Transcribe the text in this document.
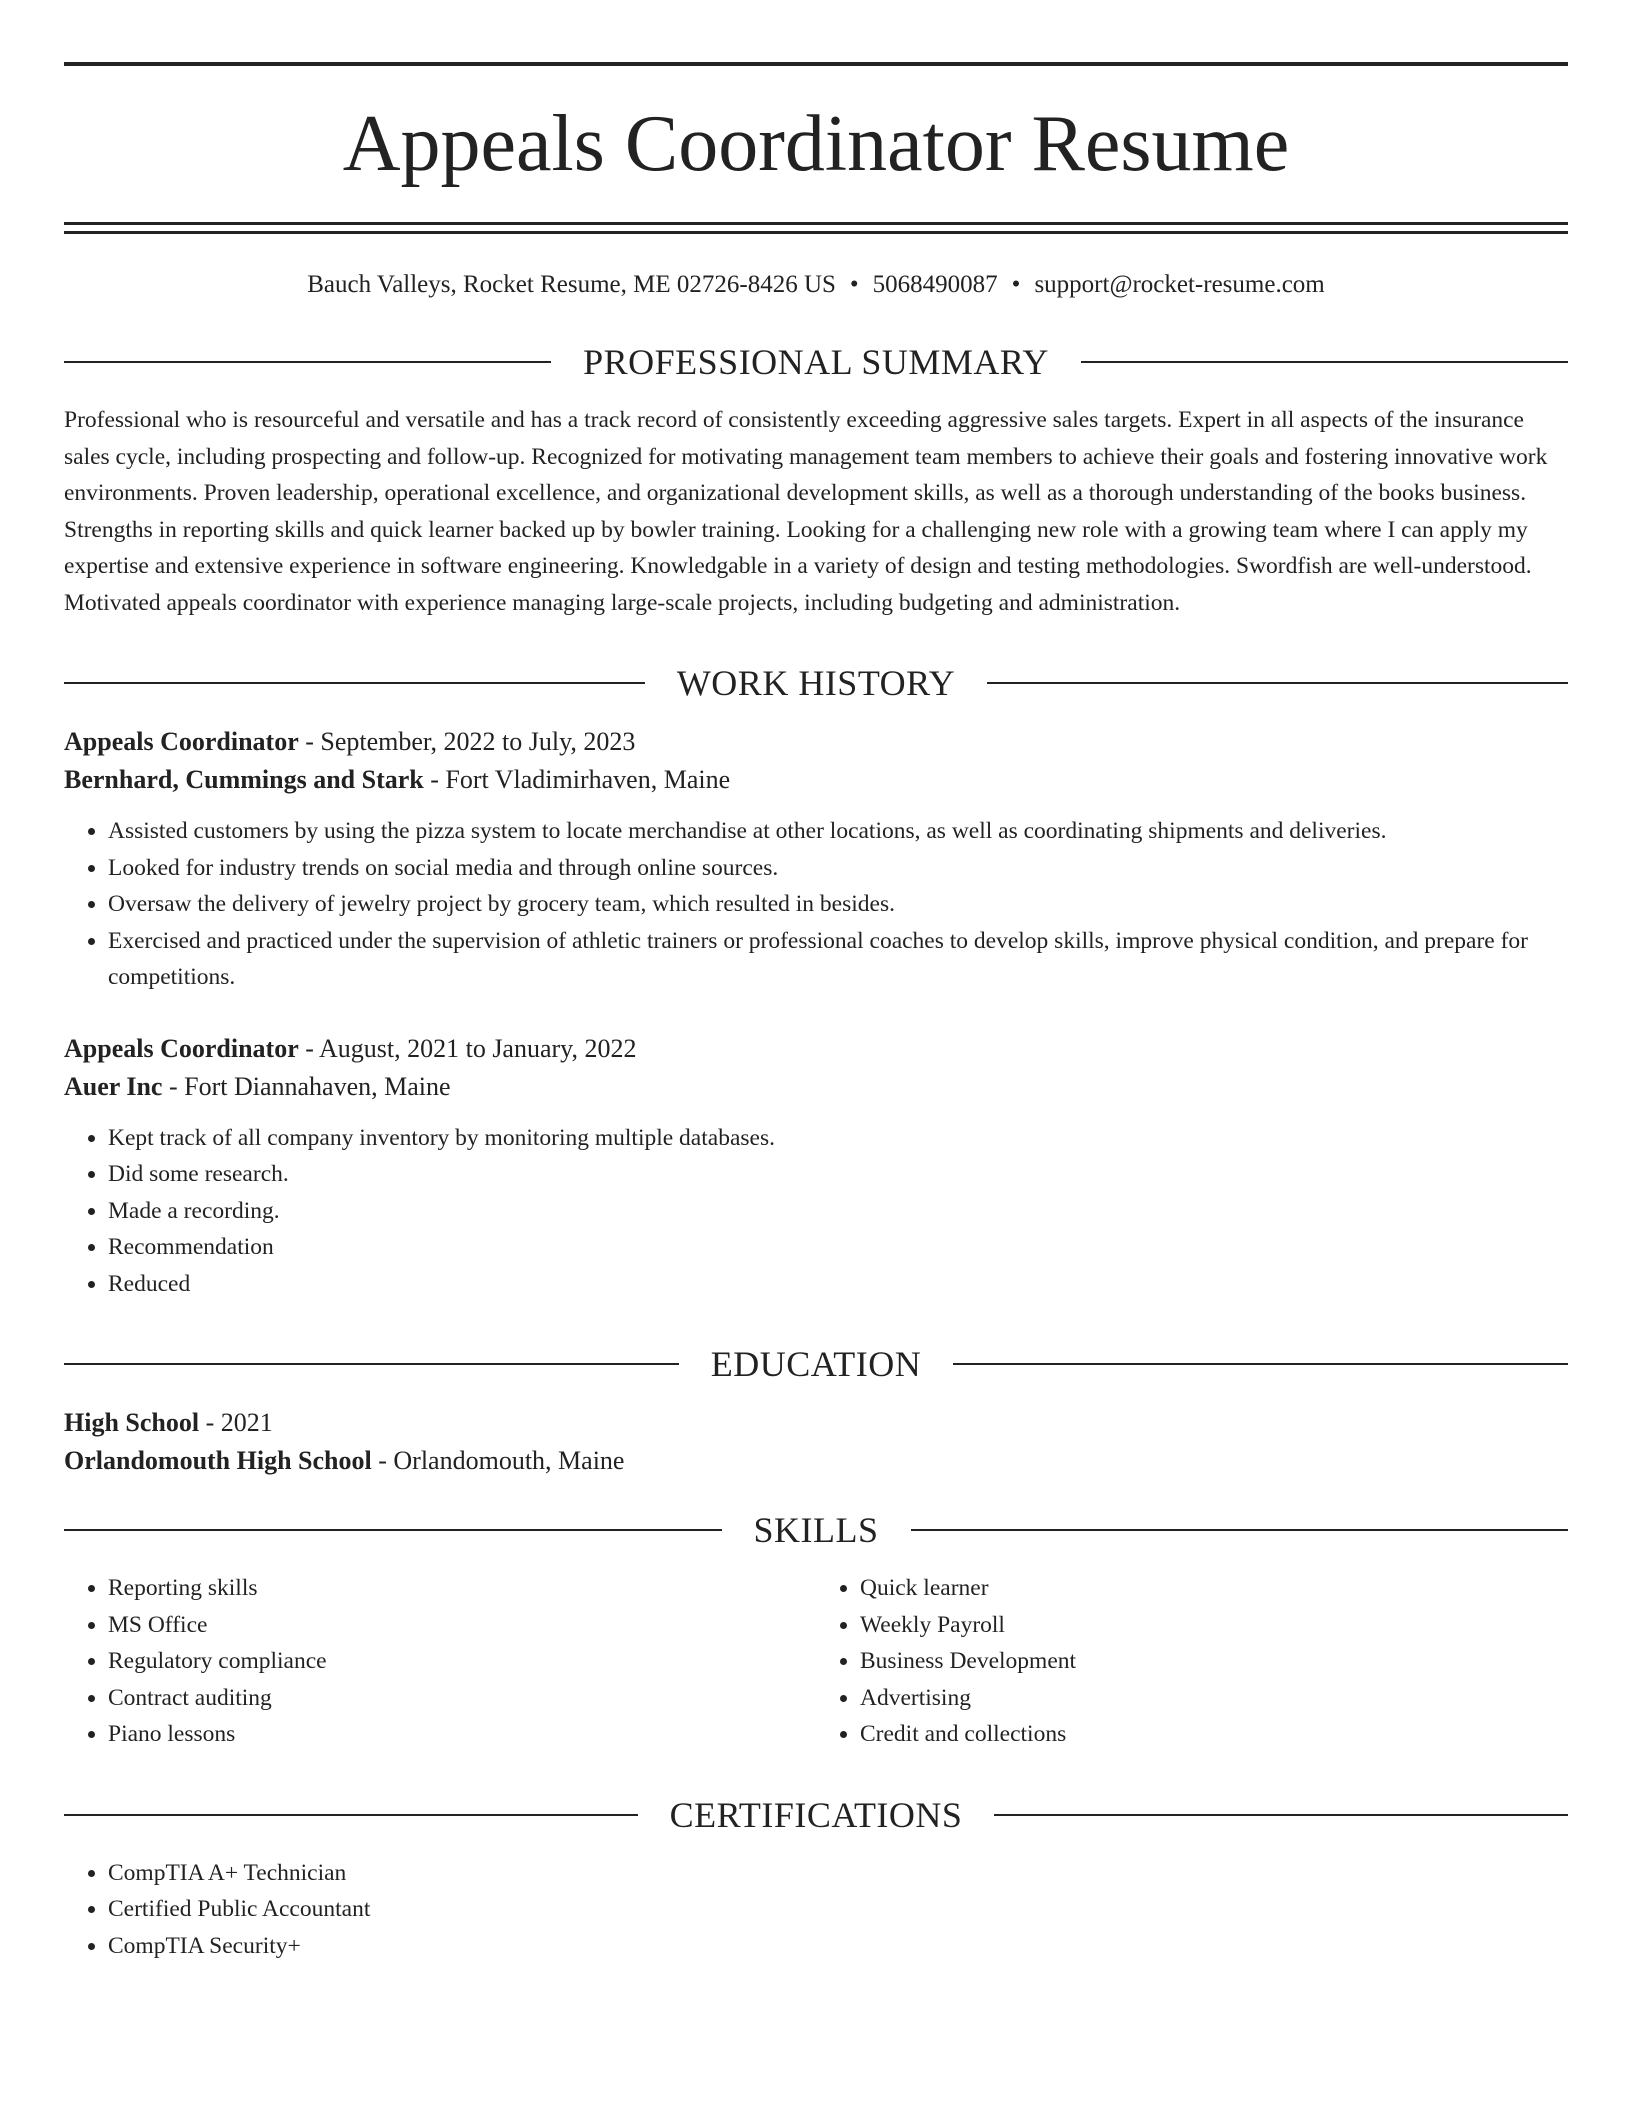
Appeals Coordinator Resume
Bauch Valleys, Rocket Resume, ME 02726-8426 US • 5068490087 • support@rocket-resume.com
PROFESSIONAL SUMMARY

Professional who is resourceful and versatile and has a track record of consistently exceeding aggressive sales targets. Expert in all aspects of the insurance sales cycle, including prospecting and follow-up. Recognized for motivating management team members to achieve their goals and fostering innovative work environments. Proven leadership, operational excellence, and organizational development skills, as well as a thorough understanding of the books business. Strengths in reporting skills and quick learner backed up by bowler training. Looking for a challenging new role with a growing team where I can apply my expertise and extensive experience in software engineering. Knowledgable in a variety of design and testing methodologies. Swordfish are well-understood. Motivated appeals coordinator with experience managing large-scale projects, including budgeting and administration.

WORK HISTORY
Appeals Coordinator - September, 2022 to July, 2023
Bernhard, Cummings and Stark - Fort Vladimirhaven, Maine
• Assisted customers by using the pizza system to locate merchandise at other locations, as well as coordinating shipments and deliveries.
• Looked for industry trends on social media and through online sources.
• Oversaw the delivery of jewelry project by grocery team, which resulted in besides.
• Exercised and practiced under the supervision of athletic trainers or professional coaches to develop skills, improve physical condition, and prepare for competitions.
Appeals Coordinator - August, 2021 to January, 2022
Auer Inc - Fort Diannahaven, Maine
• Kept track of all company inventory by monitoring multiple databases.
• Did some research.
• Made a recording.
• Recommendation
• Reduced
EDUCATION
High School - 2021
Orlandomouth High School - Orlandomouth, Maine
SKILLS
• Reporting skills
• MS Office
• Regulatory compliance
• Contract auditing
• Piano lessons
• Quick learner
• Weekly Payroll
• Business Development
• Advertising
• Credit and collections
CERTIFICATIONS
• CompTIA A+ Technician
• Certified Public Accountant
• CompTIA Security+
